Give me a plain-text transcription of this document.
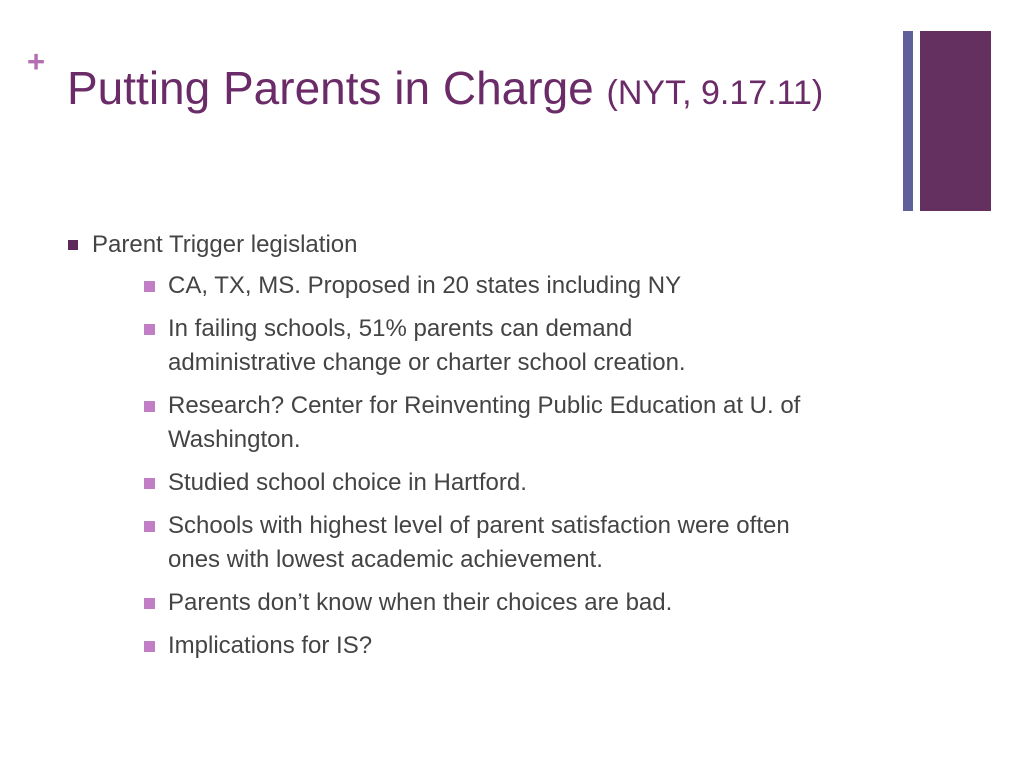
+
Putting Parents in Charge (NYT, 9.17.11)
Parent Trigger legislation
CA, TX, MS. Proposed in 20 states including NY
In failing schools, 51% parents can demand administrative change or charter school creation.
Research? Center for Reinventing Public Education at U. of Washington.
Studied school choice in Hartford.
Schools with highest level of parent satisfaction were often ones with lowest academic achievement.
Parents don’t know when their choices are bad.
Implications for IS?
